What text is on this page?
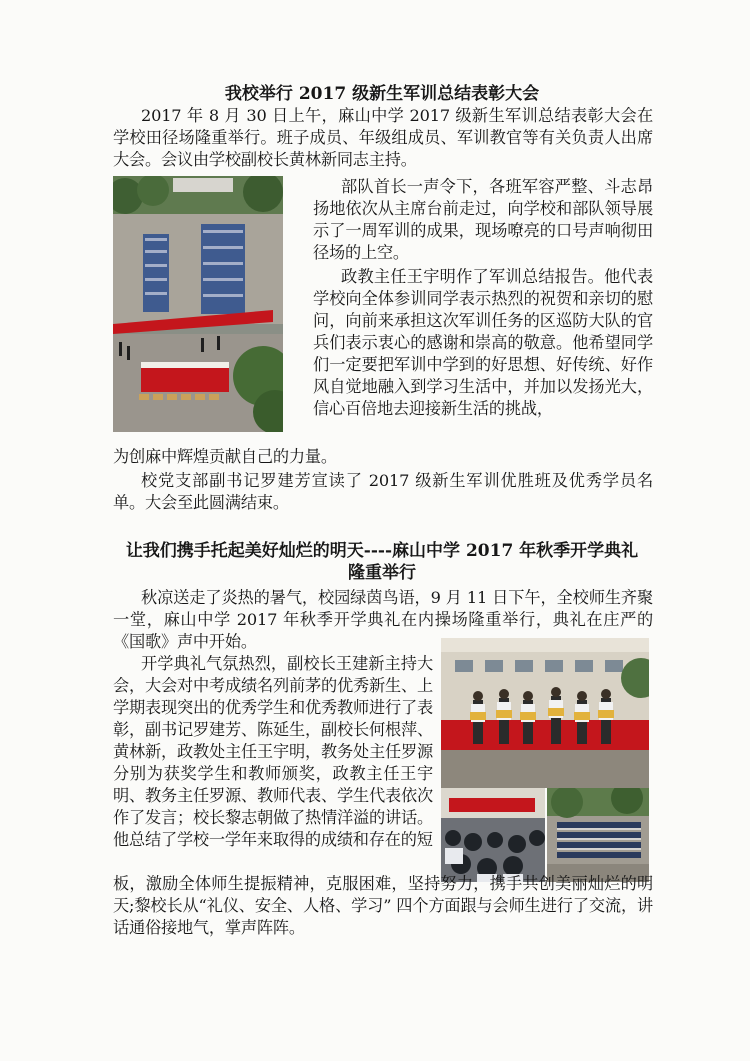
我校举行 2017 级新生军训总结表彰大会

2017 年 8 月 30 日上午，麻山中学 2017 级新生军训总结表彰大会在学校田径场隆重举行。班子成员、年级组成员、军训教官等有关负责人出席大会。会议由学校副校长黄林新同志主持。

部队首长一声令下，各班军容严整、斗志昂扬地依次从主席台前走过，向学校和部队领导展示了一周军训的成果，现场嘹亮的口号声响彻田径场的上空。

政教主任王宇明作了军训总结报告。他代表学校向全体参训同学表示热烈的祝贺和亲切的慰问，向前来承担这次军训任务的区巡防大队的官兵们表示衷心的感谢和崇高的敬意。他希望同学们一定要把军训中学到的好思想、好传统、好作风自觉地融入到学习生活中，并加以发扬光大，信心百倍地去迎接新生活的挑战，

为创麻中辉煌贡献自己的力量。

校党支部副书记罗建芳宣读了 2017 级新生军训优胜班及优秀学员名单。大会至此圆满结束。

让我们携手托起美好灿烂的明天----麻山中学 2017 年秋季开学典礼
隆重举行

秋凉送走了炎热的暑气，校园绿茵鸟语，9 月 11 日下午，全校师生齐聚一堂，麻山中学 2017 年秋季开学典礼在内操场隆重举行，典礼在庄严的《国歌》声中开始。

开学典礼气氛热烈，副校长王建新主持大会，大会对中考成绩名列前茅的优秀新生、上学期表现突出的优秀学生和优秀教师进行了表彰，副书记罗建芳、陈延生，副校长何根萍、黄林新，政教处主任王宇明，教务处主任罗源分别为获奖学生和教师颁奖，政教主任王宇明、教务主任罗源、教师代表、学生代表依次作了发言；校长黎志朝做了热情洋溢的讲话。他总结了学校一学年来取得的成绩和存在的短

板，激励全体师生提振精神，克服困难，坚持努力，携手共创美丽灿烂的明天;黎校长从“礼仪、安全、人格、学习” 四个方面跟与会师生进行了交流，讲话通俗接地气，掌声阵阵。
